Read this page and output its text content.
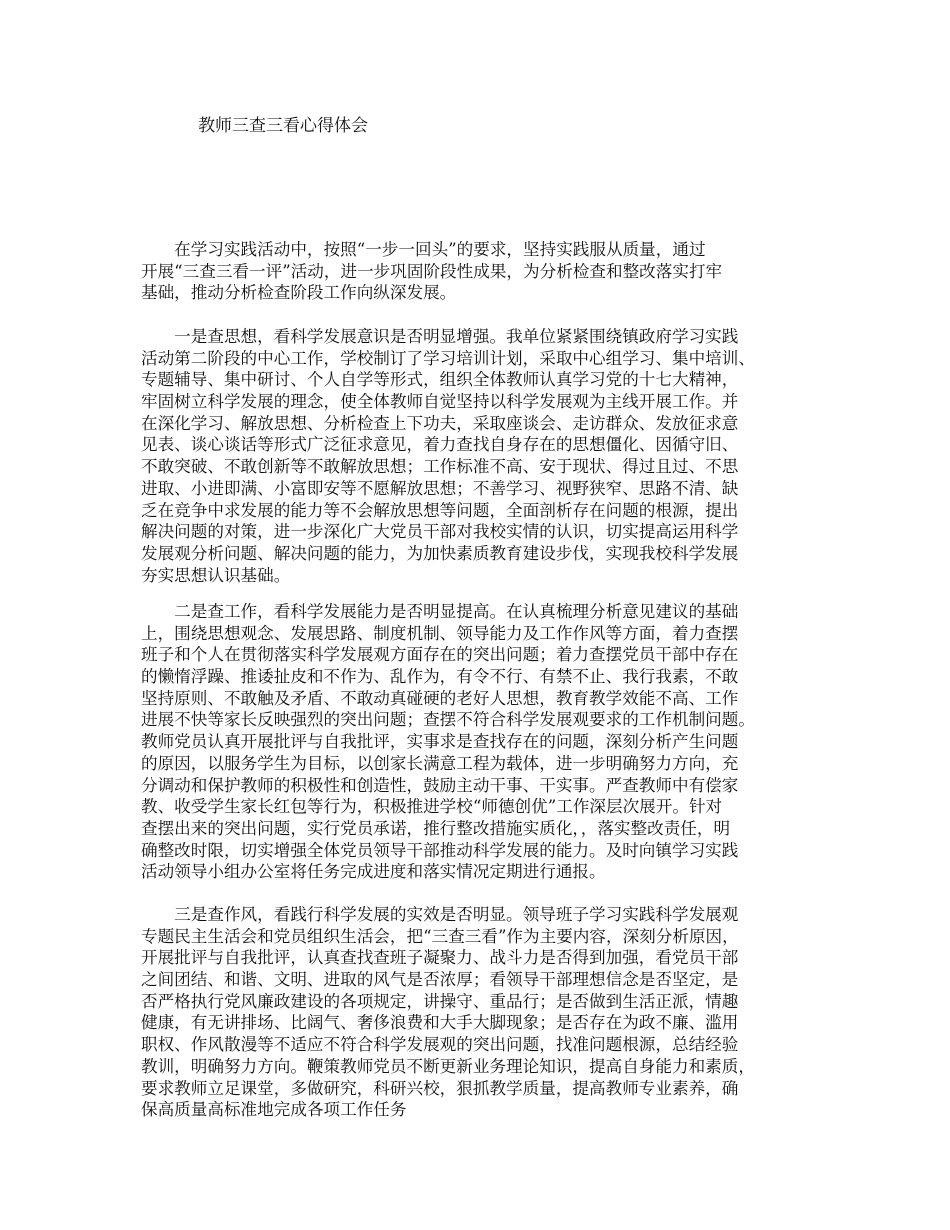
教师三查三看心得体会

　　在学习实践活动中，按照“一步一回头”的要求，坚持实践服从质量，通过
开展“三查三看一评”活动，进一步巩固阶段性成果，为分析检查和整改落实打牢
基础，推动分析检查阶段工作向纵深发展。

　　一是查思想，看科学发展意识是否明显增强。我单位紧紧围绕镇政府学习实践
活动第二阶段的中心工作，学校制订了学习培训计划，采取中心组学习、集中培训、
专题辅导、集中研讨、个人自学等形式，组织全体教师认真学习党的十七大精神，
牢固树立科学发展的理念，使全体教师自觉坚持以科学发展观为主线开展工作。并
在深化学习、解放思想、分析检查上下功夫，采取座谈会、走访群众、发放征求意
见表、谈心谈话等形式广泛征求意见，着力查找自身存在的思想僵化、因循守旧、
不敢突破、不敢创新等不敢解放思想；工作标准不高、安于现状、得过且过、不思
进取、小进即满、小富即安等不愿解放思想；不善学习、视野狭窄、思路不清、缺
乏在竞争中求发展的能力等不会解放思想等问题，全面剖析存在问题的根源，提出
解决问题的对策，进一步深化广大党员干部对我校实情的认识，切实提高运用科学
发展观分析问题、解决问题的能力，为加快素质教育建设步伐，实现我校科学发展
夯实思想认识基础。

　　二是查工作，看科学发展能力是否明显提高。在认真梳理分析意见建议的基础
上，围绕思想观念、发展思路、制度机制、领导能力及工作作风等方面，着力查摆
班子和个人在贯彻落实科学发展观方面存在的突出问题；着力查摆党员干部中存在
的懒惰浮躁、推诿扯皮和不作为、乱作为，有令不行、有禁不止、我行我素，不敢
坚持原则、不敢触及矛盾、不敢动真碰硬的老好人思想，教育教学效能不高、工作
进展不快等家长反映强烈的突出问题；查摆不符合科学发展观要求的工作机制问题。
教师党员认真开展批评与自我批评，实事求是查找存在的问题，深刻分析产生问题
的原因，以服务学生为目标，以创家长满意工程为载体，进一步明确努力方向，充
分调动和保护教师的积极性和创造性，鼓励主动干事、干实事。严查教师中有偿家
教、收受学生家长红包等行为，积极推进学校“师德创优”工作深层次展开。针对
查摆出来的突出问题，实行党员承诺，推行整改措施实质化，，落实整改责任，明
确整改时限，切实增强全体党员领导干部推动科学发展的能力。及时向镇学习实践
活动领导小组办公室将任务完成进度和落实情况定期进行通报。

　　三是查作风，看践行科学发展的实效是否明显。领导班子学习实践科学发展观
专题民主生活会和党员组织生活会，把“三查三看”作为主要内容，深刻分析原因，
开展批评与自我批评，认真查找查班子凝聚力、战斗力是否得到加强，看党员干部
之间团结、和谐、文明、进取的风气是否浓厚；看领导干部理想信念是否坚定，是
否严格执行党风廉政建设的各项规定，讲操守、重品行；是否做到生活正派，情趣
健康，有无讲排场、比阔气、奢侈浪费和大手大脚现象；是否存在为政不廉、滥用
职权、作风散漫等不适应不符合科学发展观的突出问题，找准问题根源，总结经验
教训，明确努力方向。鞭策教师党员不断更新业务理论知识，提高自身能力和素质，
要求教师立足课堂，多做研究，科研兴校，狠抓教学质量，提高教师专业素养，确
保高质量高标准地完成各项工作任务
